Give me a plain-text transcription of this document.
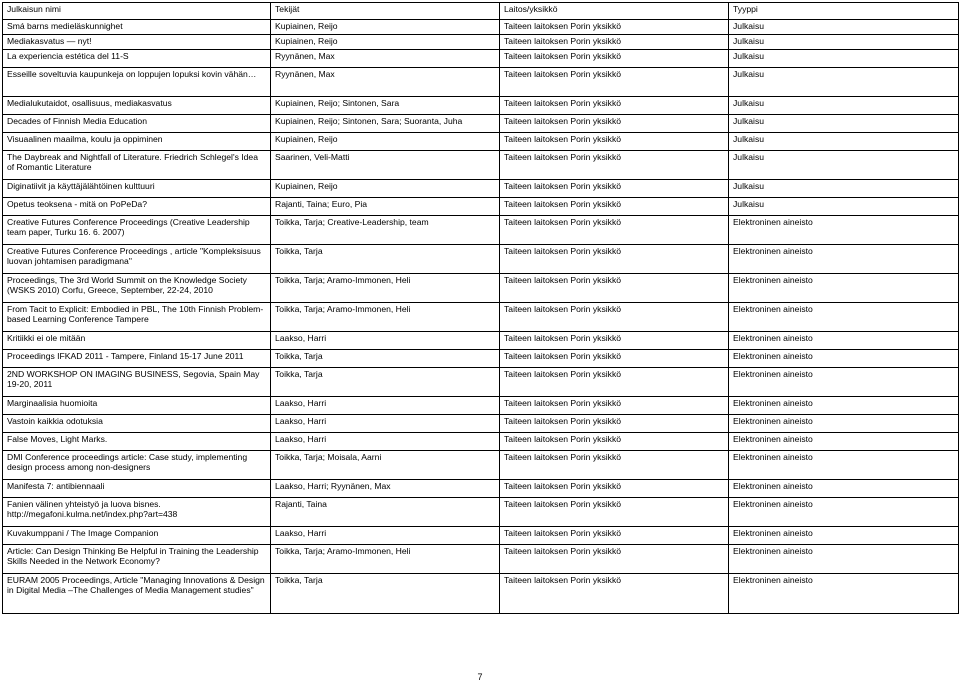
Julkaisun nimi	Tekijät	Laitos/yksikkö	Tyyppi
Smá barns medieläskunnighet	Kupiainen, Reijo	Taiteen laitoksen Porin yksikkö	Julkaisu
Mediakasvatus — nyt!	Kupiainen, Reijo	Taiteen laitoksen Porin yksikkö	Julkaisu
La experiencia estética del 11-S	Ryynänen, Max	Taiteen laitoksen Porin yksikkö	Julkaisu
Esseille soveltuvia kaupunkeja on loppujen lopuksi kovin vähän…	Ryynänen, Max	Taiteen laitoksen Porin yksikkö	Julkaisu
Medialukutaidot, osallisuus, mediakasvatus	Kupiainen, Reijo; Sintonen, Sara	Taiteen laitoksen Porin yksikkö	Julkaisu
Decades of Finnish Media Education	Kupiainen, Reijo; Sintonen, Sara; Suoranta, Juha	Taiteen laitoksen Porin yksikkö	Julkaisu
Visuaalinen maailma, koulu ja oppiminen	Kupiainen, Reijo	Taiteen laitoksen Porin yksikkö	Julkaisu
The Daybreak and Nightfall of Literature. Friedrich Schlegel's Idea of Romantic Literature	Saarinen, Veli-Matti	Taiteen laitoksen Porin yksikkö	Julkaisu
Diginatiivit ja käyttäjälähtöinen kulttuuri	Kupiainen, Reijo	Taiteen laitoksen Porin yksikkö	Julkaisu
Opetus teoksena - mitä on PoPeDa?	Rajanti, Taina; Euro, Pia	Taiteen laitoksen Porin yksikkö	Julkaisu
Creative Futures Conference Proceedings (Creative Leadership team paper, Turku 16. 6. 2007)	Toikka, Tarja; Creative-Leadership, team	Taiteen laitoksen Porin yksikkö	Elektroninen aineisto
Creative Futures Conference Proceedings , article "Kompleksisuus luovan johtamisen paradigmana"	Toikka, Tarja	Taiteen laitoksen Porin yksikkö	Elektroninen aineisto
Proceedings, The 3rd World Summit on the Knowledge Society (WSKS 2010) Corfu, Greece, September, 22-24, 2010	Toikka, Tarja; Aramo-Immonen, Heli	Taiteen laitoksen Porin yksikkö	Elektroninen aineisto
From Tacit to Explicit: Embodied in PBL, The 10th Finnish Problem-based Learning Conference Tampere	Toikka, Tarja; Aramo-Immonen, Heli	Taiteen laitoksen Porin yksikkö	Elektroninen aineisto
Kritiikki ei ole mitään	Laakso, Harri	Taiteen laitoksen Porin yksikkö	Elektroninen aineisto
Proceedings IFKAD 2011 - Tampere, Finland 15-17 June 2011	Toikka, Tarja	Taiteen laitoksen Porin yksikkö	Elektroninen aineisto
2ND WORKSHOP ON IMAGING BUSINESS, Segovia, Spain May 19-20, 2011	Toikka, Tarja	Taiteen laitoksen Porin yksikkö	Elektroninen aineisto
Marginaalisia huomioita	Laakso, Harri	Taiteen laitoksen Porin yksikkö	Elektroninen aineisto
Vastoin kaikkia odotuksia	Laakso, Harri	Taiteen laitoksen Porin yksikkö	Elektroninen aineisto
False Moves, Light Marks.	Laakso, Harri	Taiteen laitoksen Porin yksikkö	Elektroninen aineisto
DMI Conference proceedings article: Case study, implementing design process among non-designers	Toikka, Tarja; Moisala, Aarni	Taiteen laitoksen Porin yksikkö	Elektroninen aineisto
Manifesta 7: antibiennaali	Laakso, Harri; Ryynänen, Max	Taiteen laitoksen Porin yksikkö	Elektroninen aineisto
Fanien välinen yhteistyö ja luova bisnes. http://megafoni.kulma.net/index.php?art=438	Rajanti, Taina	Taiteen laitoksen Porin yksikkö	Elektroninen aineisto
Kuvakumppani / The Image Companion	Laakso, Harri	Taiteen laitoksen Porin yksikkö	Elektroninen aineisto
Article: Can Design Thinking Be Helpful in Training the Leadership Skills Needed in the Network Economy?	Toikka, Tarja; Aramo-Immonen, Heli	Taiteen laitoksen Porin yksikkö	Elektroninen aineisto
EURAM 2005 Proceedings, Article "Managing Innovations & Design in Digital Media –The Challenges of Media Management studies"	Toikka, Tarja	Taiteen laitoksen Porin yksikkö	Elektroninen aineisto
7
